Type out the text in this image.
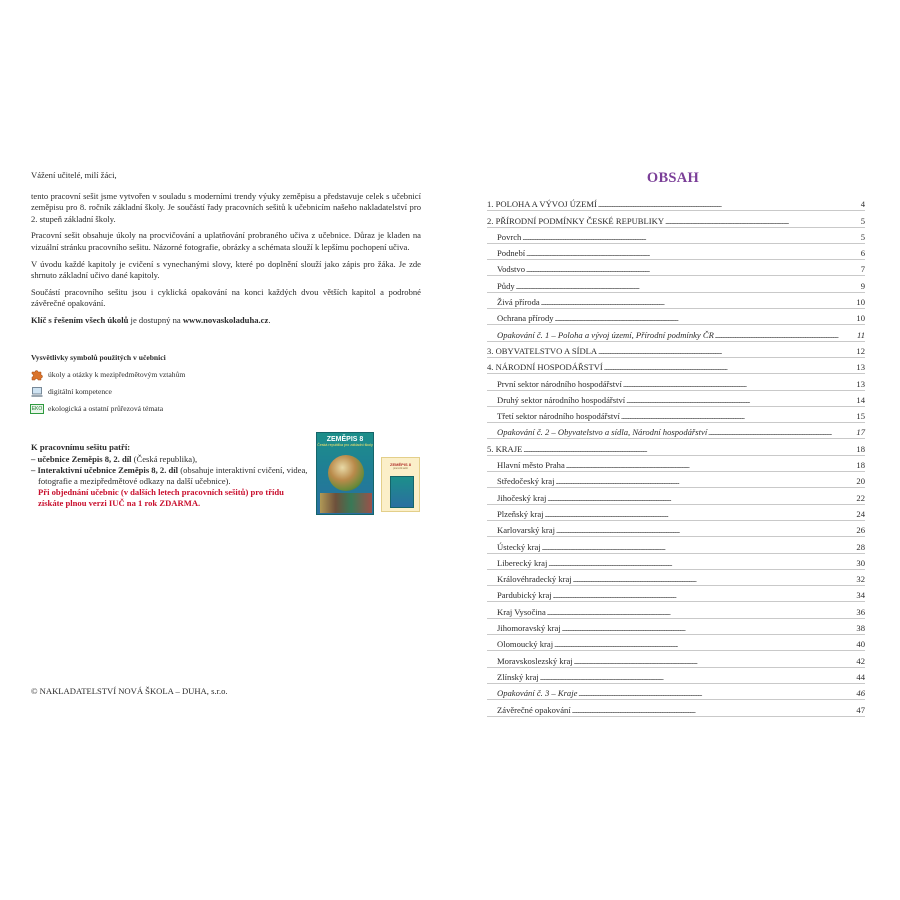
Vážení učitelé, milí žáci,

tento pracovní sešit jsme vytvořen v souladu s moderními trendy výuky zeměpisu a představuje celek s učebnicí zeměpisu pro 8. ročník základní školy. Je součástí řady pracovních sešitů k učebnicím našeho nakladatelství pro 2. stupeň základní školy.

Pracovní sešit obsahuje úkoly na procvičování a uplatňování probraného učiva z učebnice. Důraz je kladen na vizuální stránku pracovního sešitu. Názorné fotografie, obrázky a schémata slouží k lepšímu pochopení učiva.

V úvodu každé kapitoly je cvičení s vynechanými slovy, které po doplnění slouží jako zápis pro žáka. Je zde shrnuto základní učivo dané kapitoly.

Součástí pracovního sešitu jsou i cyklická opakování na konci každých dvou větších kapitol a podrobné závěrečné opakování.

Klíč s řešením všech úkolů je dostupný na www.novaskoladuha.cz.

Vysvětlivky symbolů použitých v učebnici
úkoly a otázky k mezipředmětovým vztahům
digitální kompetence
EKO ekologická a ostatní průřezová témata
K pracovnímu sešitu patří:
– učebnice Zeměpis 8, 2. díl (Česká republika),
– Interaktivní učebnice Zeměpis 8, 2. díl (obsahuje interaktivní cvičení, videa, fotografie a mezipředmětové odkazy na další učebnice).
Při objednání učebnic (v dalších letech pracovních sešitů) pro třídu získáte plnou verzi IUČ na 1 rok ZDARMA.
ZEMĚPIS 8
Česká republika pro základní školy
ZEMĚPIS 8
pracovní sešit
© NAKLADATELSTVÍ NOVÁ ŠKOLA – DUHA, s.r.o.
OBSAH
1. POLOHA A VÝVOJ ÚZEMÍ . . .	4
2. PŘÍRODNÍ PODMÍNKY ČESKÉ REPUBLIKY . . .	5
Povrch . . .	5
Podnebí . . .	6
Vodstvo . . .	7
Půdy . . .	9
Živá příroda . . .	10
Ochrana přírody . . .	10
Opakování č. 1 – Poloha a vývoj území, Přírodní podmínky ČR . . .	11
3. OBYVATELSTVO A SÍDLA . . .	12
4. NÁRODNÍ HOSPODÁŘSTVÍ . . .	13
První sektor národního hospodářství . . .	13
Druhý sektor národního hospodářství . . .	14
Třetí sektor národního hospodářství . . .	15
Opakování č. 2 – Obyvatelstvo a sídla, Národní hospodářství . . .	17
5. KRAJE . . .	18
Hlavní město Praha . . .	18
Středočeský kraj . . .	20
Jihočeský kraj . . .	22
Plzeňský kraj . . .	24
Karlovarský kraj . . .	26
Ústecký kraj . . .	28
Liberecký kraj . . .	30
Královéhradecký kraj . . .	32
Pardubický kraj . . .	34
Kraj Vysočina . . .	36
Jihomoravský kraj . . .	38
Olomoucký kraj . . .	40
Moravskoslezský kraj . . .	42
Zlínský kraj . . .	44
Opakování č. 3 – Kraje . . .	46
Závěrečné opakování . . .	47
